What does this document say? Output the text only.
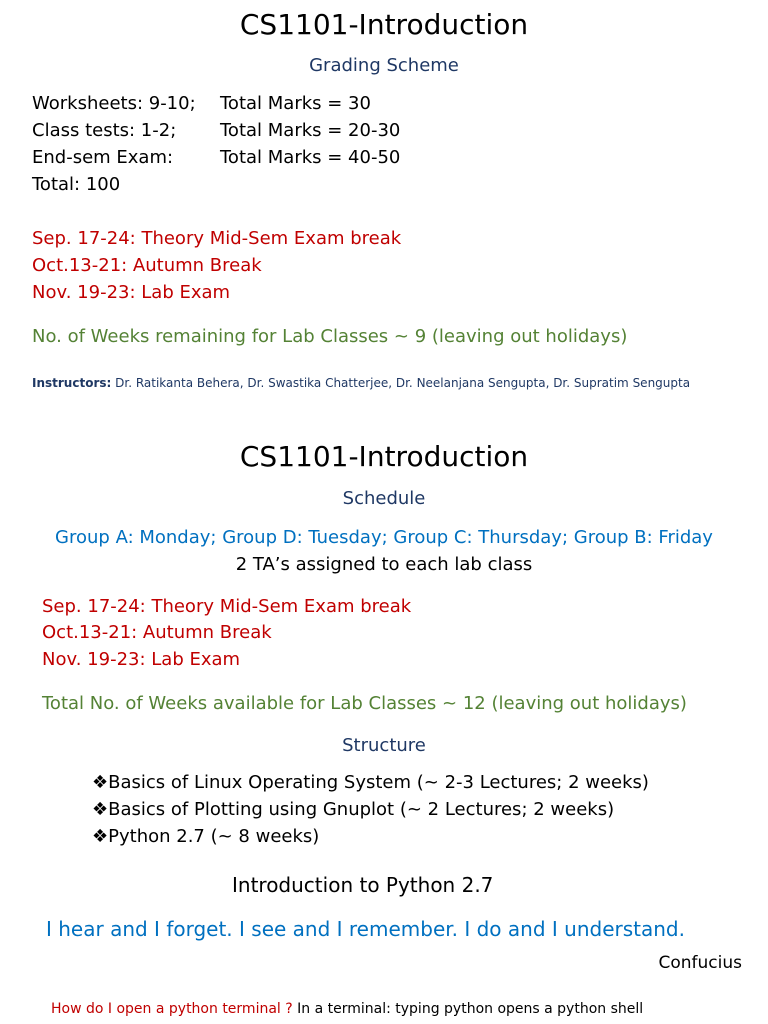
CS1101-Introduction
Grading Scheme
Worksheets: 9-10; Total Marks = 30
Class tests: 1-2; Total Marks = 20-30
End-sem Exam:	Total Marks = 40-50
Total: 100
Sep. 17-24: Theory Mid-Sem Exam break
Oct.13-21: Autumn Break
Nov. 19-23: Lab Exam
No. of Weeks remaining for Lab Classes ~ 9 (leaving out holidays)
Instructors: Dr. Ratikanta Behera, Dr. Swastika Chatterjee, Dr. Neelanjana Sengupta, Dr. Supratim Sengupta
CS1101-Introduction
Schedule
Group A: Monday; Group D: Tuesday; Group C: Thursday; Group B: Friday
2 TA’s assigned to each lab class
Sep. 17-24: Theory Mid-Sem Exam break
Oct.13-21: Autumn Break
Nov. 19-23: Lab Exam
Total No. of Weeks available for Lab Classes ~ 12 (leaving out holidays)
Structure
❖Basics of Linux Operating System (~ 2-3 Lectures; 2 weeks)
❖Basics of Plotting using Gnuplot (~ 2 Lectures; 2 weeks)
❖Python 2.7 (~ 8 weeks)
Introduction to Python 2.7
I hear and I forget. I see and I remember. I do and I understand.
Confucius
How do I open a python terminal ? In a terminal: typing python opens a python shell
